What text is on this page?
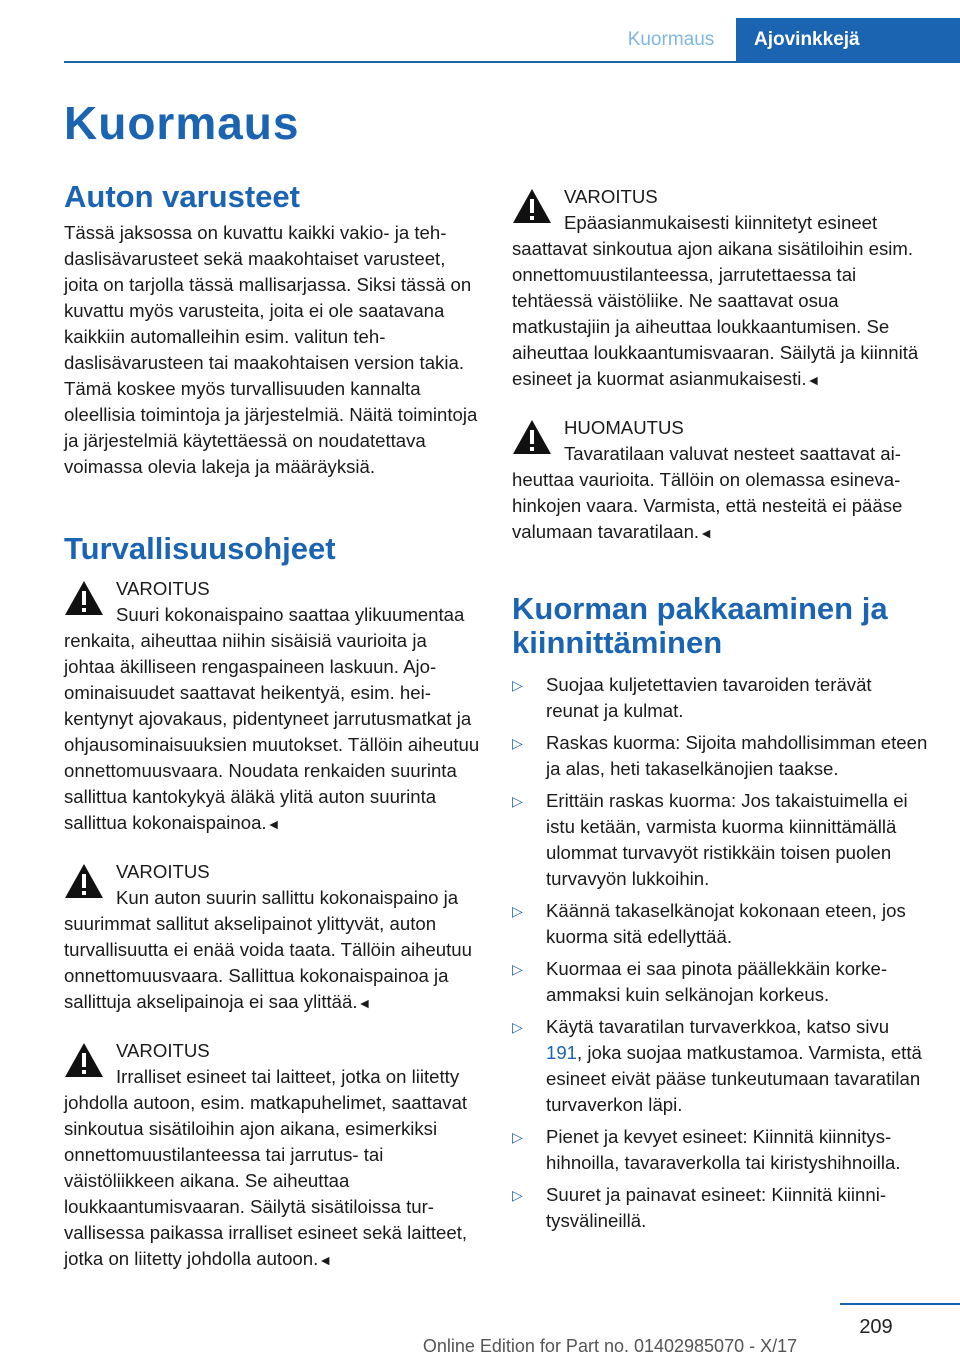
Kuormaus	Ajovinkkejä
Kuormaus
Auton varusteet

Tässä jaksossa on kuvattu kaikki vakio- ja tehdaslisävarusteet sekä maakohtaiset varusteet, joita on tarjolla tässä mallisarjassa. Siksi tässä on kuvattu myös varusteita, joita ei ole saatavana kaikkiin automalleihin esim. valitun tehdaslisävarusteen tai maakohtaisen version takia. Tämä koskee myös turvallisuuden kannalta oleellisia toimintoja ja järjestelmiä. Näitä toimintoja ja järjestelmiä käytettäessä on noudatettava voimassa olevia lakeja ja määräyksiä.

Turvallisuusohjeet
VAROITUS
Suuri kokonaispaino saattaa ylikuumentaa renkaita, aiheuttaa niihin sisäisiä vaurioita ja johtaa äkilliseen rengaspaineen laskuun. Ajoominaisuudet saattavat heikentyä, esim. heikentynyt ajovakaus, pidentyneet jarrutusmatkat ja ohjausominaisuuksien muutokset. Tällöin aiheutuu onnettomuusvaara. Noudata renkaiden suurinta sallittua kantokykyä äläkä ylitä auton suurinta sallittua kokonaispainoa.◄
VAROITUS
Kun auton suurin sallittu kokonaispaino ja suurimmat sallitut akselipainot ylittyvät, auton turvallisuutta ei enää voida taata. Tällöin aiheutuu onnettomuusvaara. Sallittua kokonaispainoa ja sallittuja akselipainoja ei saa ylittää.◄
VAROITUS
Irralliset esineet tai laitteet, jotka on liitetty johdolla autoon, esim. matkapuhelimet, saattavat sinkoutua sisätiloihin ajon aikana, esimerkiksi onnettomuustilanteessa tai jarrutus- tai väistöliikkeen aikana. Se aiheuttaa loukkaantumisvaaran. Säilytä sisätiloissa turvallisessa paikassa irralliset esineet sekä laitteet, jotka on liitetty johdolla autoon.◄
VAROITUS
Epäasianmukaisesti kiinnitetyt esineet saattavat sinkoutua ajon aikana sisätiloihin esim. onnettomuustilanteessa, jarrutettaessa tai tehtäessä väistöliike. Ne saattavat osua matkustajiin ja aiheuttaa loukkaantumisen. Se aiheuttaa loukkaantumisvaaran. Säilytä ja kiinnitä esineet ja kuormat asianmukaisesti.◄
HUOMAUTUS
Tavaratilaan valuvat nesteet saattavat aiheuttaa vaurioita. Tällöin on olemassa esinevahinkojen vaara. Varmista, että nesteitä ei pääse valumaan tavaratilaan.◄
Kuorman pakkaaminen ja kiinnittäminen
▷ Suojaa kuljetettavien tavaroiden terävät reunat ja kulmat.
▷ Raskas kuorma: Sijoita mahdollisimman eteen ja alas, heti takaselkänojien taakse.
▷ Erittäin raskas kuorma: Jos takaistuimella ei istu ketään, varmista kuorma kiinnittämällä ulommat turvavyöt ristikkäin toisen puolen turvavyön lukkoihin.
▷ Käännä takaselkänojat kokonaan eteen, jos kuorma sitä edellyttää.
▷ Kuormaa ei saa pinota päällekkäin korkeammaksi kuin selkänojan korkeus.
▷ Käytä tavaratilan turvaverkkoa, katso sivu 191, joka suojaa matkustamoa. Varmista, että esineet eivät pääse tunkeutumaan tavaratilan turvaverkon läpi.
▷ Pienet ja kevyet esineet: Kiinnitä kiinnityshihnoilla, tavaraverkolla tai kiristyshihnoilla.
▷ Suuret ja painavat esineet: Kiinnitä kiinnitysvälineillä.
209
Online Edition for Part no. 01402985070 - X/17
